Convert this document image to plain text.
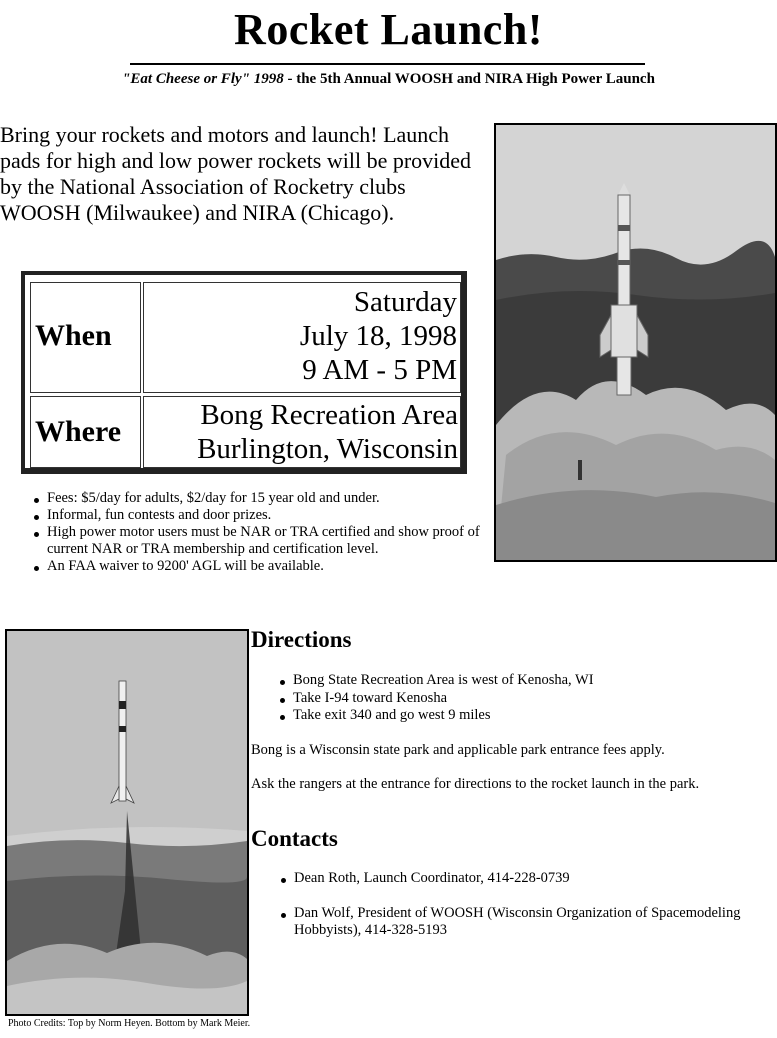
Rocket Launch!
"Eat Cheese or Fly" 1998 - the 5th Annual WOOSH and NIRA High Power Launch

Bring your rockets and motors and launch! Launch pads for high and low power rockets will be provided by the National Association of Rocketry clubs WOOSH (Milwaukee) and NIRA (Chicago).

When
Saturday
July 18, 1998
9 AM - 5 PM
Where	Bong Recreation Area
Burlington, Wisconsin
Fees: $5/day for adults, $2/day for 15 year old and under.
Informal, fun contests and door prizes.
High power motor users must be NAR or TRA certified and show proof of current NAR or TRA membership and certification level.
An FAA waiver to 9200' AGL will be available.
Directions
Bong State Recreation Area is west of Kenosha, WI
Take I-94 toward Kenosha
Take exit 340 and go west 9 miles

Bong is a Wisconsin state park and applicable park entrance fees apply.

Ask the rangers at the entrance for directions to the rocket launch in the park.

Contacts
Dean Roth, Launch Coordinator, 414-228-0739
Dan Wolf, President of WOOSH (Wisconsin Organization of Spacemodeling Hobbyists), 414-328-5193
Photo Credits: Top by Norm Heyen. Bottom by Mark Meier.
